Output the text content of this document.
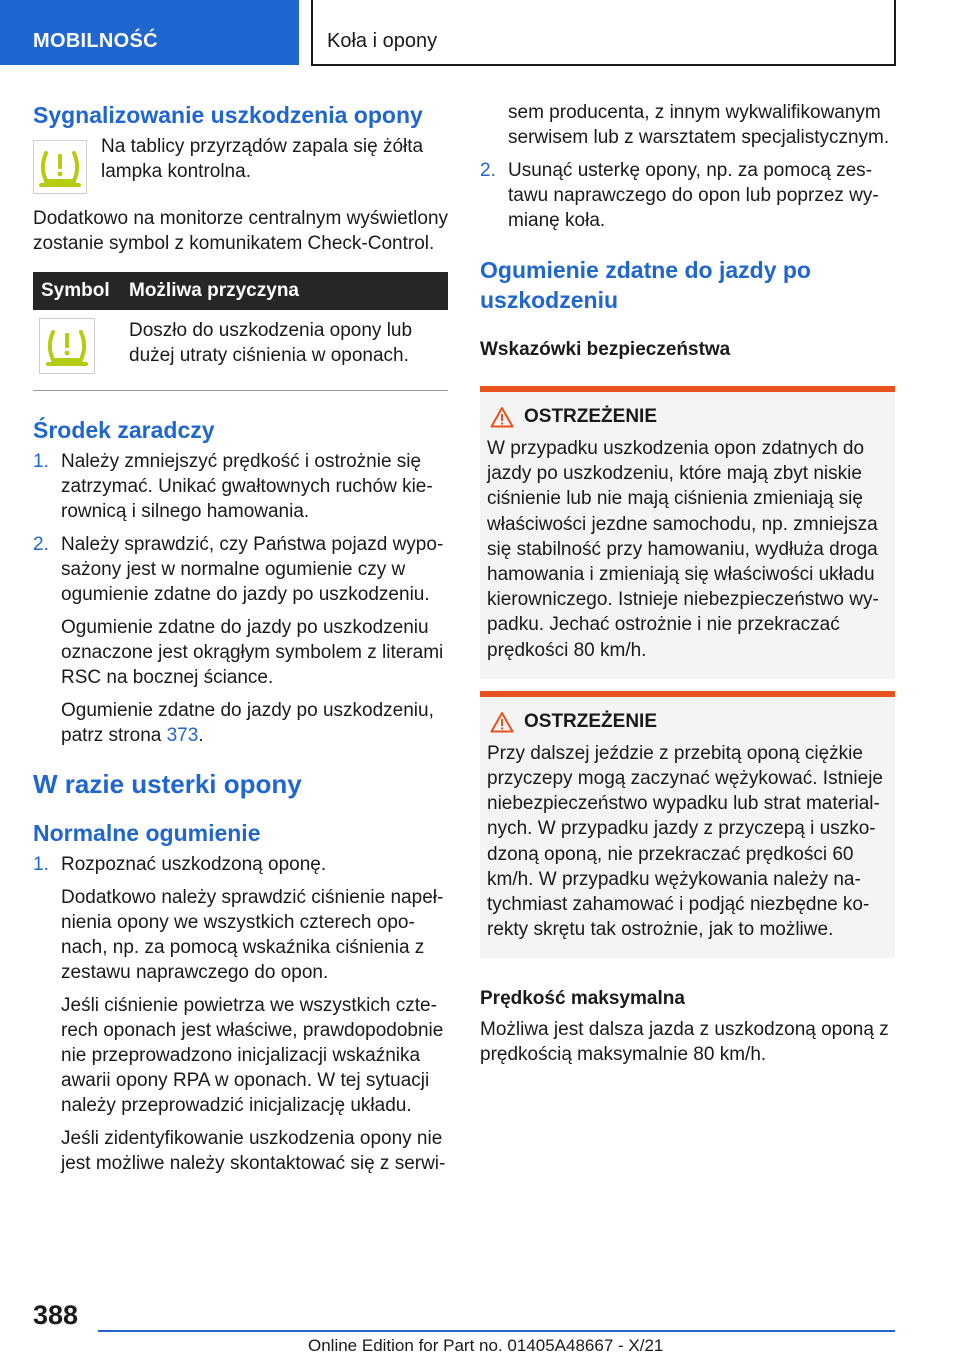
MOBILNOŚĆ	Koła i opony
Sygnalizowanie uszkodzenia opony

Na tablicy przyrządów zapala się żółta lampka kontrolna.

Dodatkowo na monitorze centralnym wyświetlony zostanie symbol z komunikatem Check-Control.

Symbol	Możliwa przyczyna

	Doszło do uszkodzenia opony lub dużej utraty ciśnienia w oponach.
Środek zaradczy
1. Należy zmniejszyć prędkość i ostrożnie się zatrzymać. Unikać gwałtownych ruchów kierownicą i silnego hamowania.
2. Należy sprawdzić, czy Państwa pojazd wyposażony jest w normalne ogumienie czy w ogumienie zdatne do jazdy po uszkodzeniu.

Ogumienie zdatne do jazdy po uszkodzeniu oznaczone jest okrągłym symbolem z literami RSC na bocznej ściance.

Ogumienie zdatne do jazdy po uszkodzeniu, patrz strona 373.

W razie usterki opony
Normalne ogumienie
1. Rozpoznać uszkodzoną oponę.

Dodatkowo należy sprawdzić ciśnienie napełnienia opony we wszystkich czterech oponach, np. za pomocą wskaźnika ciśnienia z zestawu naprawczego do opon.

Jeśli ciśnienie powietrza we wszystkich czterech oponach jest właściwe, prawdopodobnie nie przeprowadzono inicjalizacji wskaźnika awarii opony RPA w oponach. W tej sytuacji należy przeprowadzić inicjalizację układu.

Jeśli zidentyfikowanie uszkodzenia opony nie jest możliwe należy skontaktować się z serwi-

sem producenta, z innym wykwalifikowanym serwisem lub z warsztatem specjalistycznym.

2. Usunąć usterkę opony, np. za pomocą zestawu naprawczego do opon lub poprzez wymianę koła.
Ogumienie zdatne do jazdy po uszkodzeniu

Wskazówki bezpieczeństwa

OSTRZEŻENIE

W przypadku uszkodzenia opon zdatnych do jazdy po uszkodzeniu, które mają zbyt niskie ciśnienie lub nie mają ciśnienia zmieniają się właściwości jezdne samochodu, np. zmniejsza się stabilność przy hamowaniu, wydłuża droga hamowania i zmieniają się właściwości układu kierowniczego. Istnieje niebezpieczeństwo wypadku. Jechać ostrożnie i nie przekraczać prędkości 80 km/h.

OSTRZEŻENIE

Przy dalszej jeździe z przebitą oponą ciężkie przyczepy mogą zaczynać wężykować. Istnieje niebezpieczeństwo wypadku lub strat materialnych. W przypadku jazdy z przyczepą i uszkodzoną oponą, nie przekraczać prędkości 60 km/h. W przypadku wężykowania należy natychmiast zahamować i podjąć niezbędne korekty skrętu tak ostrożnie, jak to możliwe.

Prędkość maksymalna

Możliwa jest dalsza jazda z uszkodzoną oponą z prędkością maksymalnie 80 km/h.

388
Online Edition for Part no. 01405A48667 - X/21
